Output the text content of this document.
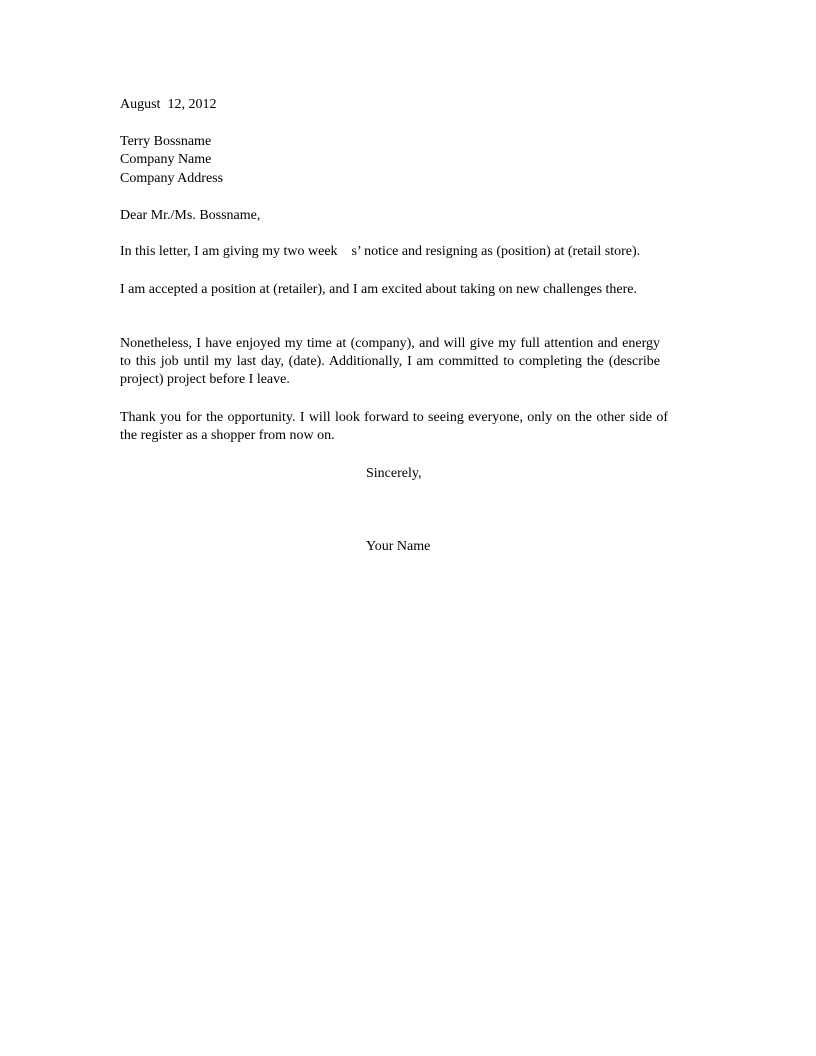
August  12, 2012

Terry Bossname

Company Name

Company Address

Dear Mr./Ms. Bossname,

In this letter, I am giving my two week    s’ notice and resigning as (position) at (retail store).

I am accepted a position at (retailer), and I am excited about taking on new challenges there.

Nonetheless, I have enjoyed my time at (company), and will give my full attention and energy to this job until my last day, (date). Additionally, I am committed to completing the (describe project) project before I leave.

Thank you for the opportunity. I will look forward to seeing everyone, only on the other side of the register as a shopper from now on.

Sincerely,

Your Name
